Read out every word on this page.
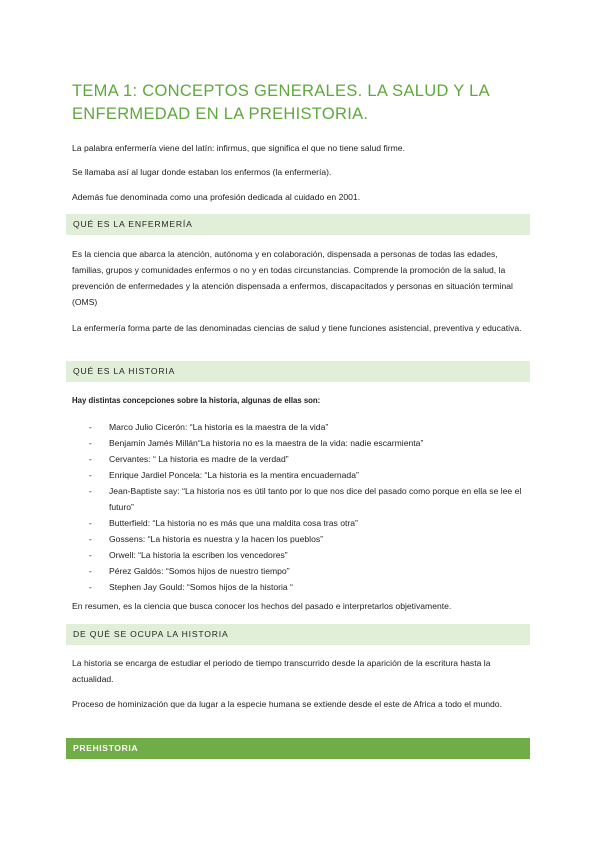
TEMA 1: CONCEPTOS GENERALES. LA SALUD Y LA ENFERMEDAD EN LA PREHISTORIA.

La palabra enfermería viene del latín: infirmus, que significa el que no tiene salud firme.

Se llamaba así al lugar donde estaban los enfermos (la enfermería).

Además fue denominada como una profesión dedicada al cuidado en 2001.

QUÉ ES LA ENFERMERÍA

Es la ciencia que abarca la atención, autónoma y en colaboración, dispensada a personas de todas las edades, familias, grupos y comunidades enfermos o no y en todas circunstancias. Comprende la promoción de la salud, la prevención de enfermedades y la atención dispensada a enfermos, discapacitados y personas en situación terminal (OMS)

La enfermería forma parte de las denominadas ciencias de salud y tiene funciones asistencial, preventiva y educativa.

QUÉ ES LA HISTORIA

Hay distintas concepciones sobre la historia, algunas de ellas son:

- Marco Julio Cicerón: “La historia es la maestra de la vida”
- Benjamín Jamés Millán“La historia no es la maestra de la vida: nadie escarmienta”
- Cervantes: “ La historia es madre de la verdad”
- Enrique Jardiel Poncela: “La historia es la mentira encuadernada”
- Jean-Baptiste say: “La historia nos es útil tanto por lo que nos dice del pasado como porque en ella se lee el futuro”
- Butterfield: “La historia no es más que una maldita cosa tras otra”
- Gossens: “La historia es nuestra y la hacen los pueblos”
- Orwell: “La historia la escriben los vencedores”
- Pérez Galdós: “Somos hijos de nuestro tiempo”
- Stephen Jay Gould: “Somos hijos de la historia “

En resumen, es la ciencia que busca conocer los hechos del pasado e interpretarlos objetivamente.

DE QUÉ SE OCUPA LA HISTORIA

La historia se encarga de estudiar el periodo de tiempo transcurrido desde la aparición de la escritura hasta la actualidad.

Proceso de hominización que da lugar a la especie humana se extiende desde el este de Africa a todo el mundo.

PREHISTORIA
